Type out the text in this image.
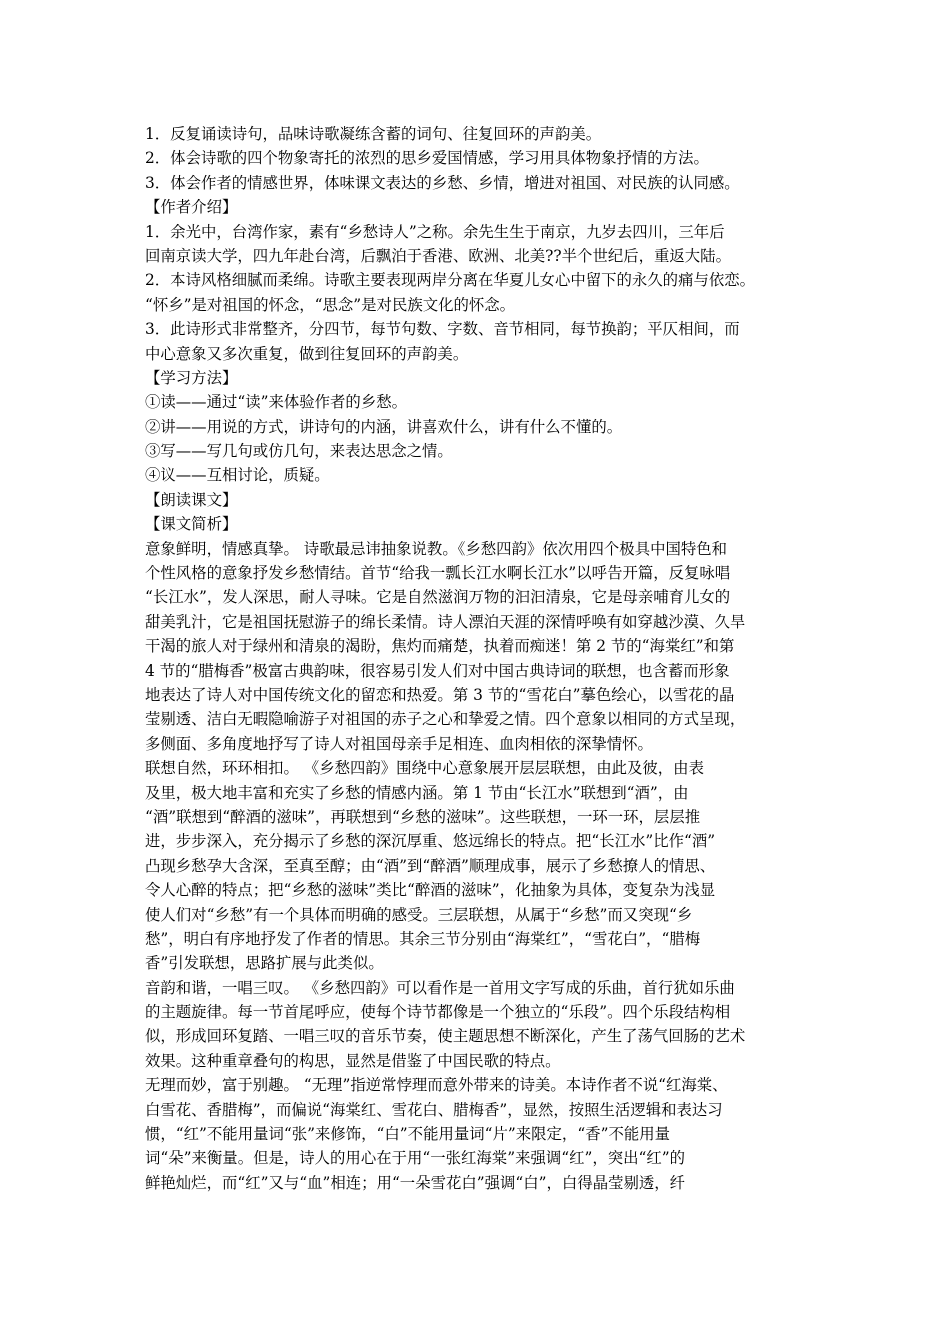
1．反复诵读诗句，品味诗歌凝练含蓄的词句、往复回环的声韵美。
2．体会诗歌的四个物象寄托的浓烈的思乡爱国情感，学习用具体物象抒情的方法。
3．体会作者的情感世界，体味课文表达的乡愁、乡情，增进对祖国、对民族的认同感。
【作者介绍】
1．余光中，台湾作家，素有“乡愁诗人”之称。余先生生于南京，九岁去四川，三年后
回南京读大学，四九年赴台湾，后飘泊于香港、欧洲、北美??半个世纪后，重返大陆。
2．本诗风格细腻而柔绵。诗歌主要表现两岸分离在华夏儿女心中留下的永久的痛与依恋。
“怀乡”是对祖国的怀念，“思念”是对民族文化的怀念。
3．此诗形式非常整齐，分四节，每节句数、字数、音节相同，每节换韵；平仄相间，而
中心意象又多次重复，做到往复回环的声韵美。
【学习方法】
①读——通过“读”来体验作者的乡愁。
②讲——用说的方式，讲诗句的内涵，讲喜欢什么，讲有什么不懂的。
③写——写几句或仿几句，来表达思念之情。
④议——互相讨论，质疑。
【朗读课文】
【课文简析】
意象鲜明，情感真挚。 诗歌最忌讳抽象说教。《乡愁四韵》依次用四个极具中国特色和
个性风格的意象抒发乡愁情结。首节“给我一瓢长江水啊长江水”以呼告开篇，反复咏唱
“长江水”，发人深思，耐人寻味。它是自然滋润万物的汩汩清泉，它是母亲哺育儿女的
甜美乳汁，它是祖国抚慰游子的绵长柔情。诗人漂泊天涯的深情呼唤有如穿越沙漠、久旱
干渴的旅人对于绿州和清泉的渴盼，焦灼而痛楚，执着而痴迷！第 2 节的“海棠红”和第
4 节的“腊梅香”极富古典韵味，很容易引发人们对中国古典诗词的联想，也含蓄而形象
地表达了诗人对中国传统文化的留恋和热爱。第 3 节的“雪花白”摹色绘心，以雪花的晶
莹剔透、洁白无暇隐喻游子对祖国的赤子之心和挚爱之情。四个意象以相同的方式呈现，
多侧面、多角度地抒写了诗人对祖国母亲手足相连、血肉相依的深挚情怀。
联想自然，环环相扣。 《乡愁四韵》围绕中心意象展开层层联想，由此及彼，由表
及里，极大地丰富和充实了乡愁的情感内涵。第 1 节由“长江水”联想到“酒”，由
“酒”联想到“醉酒的滋味”，再联想到“乡愁的滋味”。这些联想，一环一环，层层推
进，步步深入，充分揭示了乡愁的深沉厚重、悠远绵长的特点。把“长江水”比作“酒”
凸现乡愁孕大含深，至真至醇；由“酒”到“醉酒”顺理成事，展示了乡愁撩人的情思、
令人心醉的特点；把“乡愁的滋味”类比“醉酒的滋味”，化抽象为具体，变复杂为浅显
使人们对“乡愁”有一个具体而明确的感受。三层联想，从属于“乡愁”而又突现“乡
愁”，明白有序地抒发了作者的情思。其余三节分别由“海棠红”，“雪花白”，“腊梅
香”引发联想，思路扩展与此类似。
音韵和谐，一唱三叹。 《乡愁四韵》可以看作是一首用文字写成的乐曲，首行犹如乐曲
的主题旋律。每一节首尾呼应，使每个诗节都像是一个独立的“乐段”。四个乐段结构相
似，形成回环复踏、一唱三叹的音乐节奏，使主题思想不断深化，产生了荡气回肠的艺术
效果。这种重章叠句的构思，显然是借鉴了中国民歌的特点。
无理而妙，富于别趣。 “无理”指逆常悖理而意外带来的诗美。本诗作者不说“红海棠、
白雪花、香腊梅”，而偏说“海棠红、雪花白、腊梅香”，显然，按照生活逻辑和表达习
惯，“红”不能用量词“张”来修饰，“白”不能用量词“片”来限定，“香”不能用量
词“朵”来衡量。但是，诗人的用心在于用“一张红海棠”来强调“红”，突出“红”的
鲜艳灿烂，而“红”又与“血”相连；用“一朵雪花白”强调“白”，白得晶莹剔透，纤
